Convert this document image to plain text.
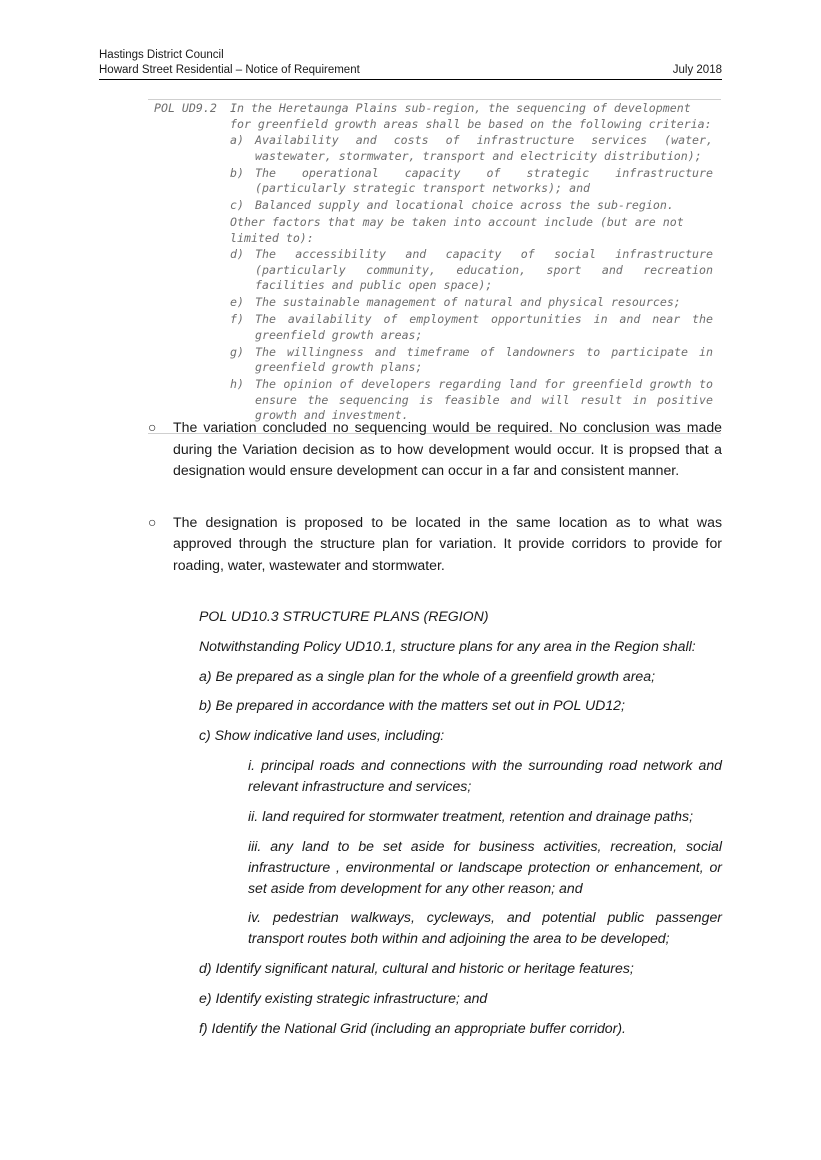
Hastings District Council
Howard Street Residential – Notice of Requirement	July 2018
POL UD9.2 In the Heretaunga Plains sub-region, the sequencing of development for greenfield growth areas shall be based on the following criteria:

a) Availability and costs of infrastructure services (water, wastewater, stormwater, transport and electricity distribution);
b) The operational capacity of strategic infrastructure (particularly strategic transport networks); and
c) Balanced supply and locational choice across the sub-region.

Other factors that may be taken into account include (but are not limited to):

d) The accessibility and capacity of social infrastructure (particularly community, education, sport and recreation facilities and public open space);
e) The sustainable management of natural and physical resources;
f) The availability of employment opportunities in and near the greenfield growth areas;
g) The willingness and timeframe of landowners to participate in greenfield growth plans;
h) The opinion of developers regarding land for greenfield growth to ensure the sequencing is feasible and will result in positive growth and investment.
○	The variation concluded no sequencing would be required. No conclusion was made during the Variation decision as to how development would occur. It is propsed that a designation would ensure development can occur in a far and consistent manner.
○	The designation is proposed to be located in the same location as to what was approved through the structure plan for variation. It provide corridors to provide for roading, water, wastewater and stormwater.

POL UD10.3 STRUCTURE PLANS (REGION)

Notwithstanding Policy UD10.1, structure plans for any area in the Region shall:

a) Be prepared as a single plan for the whole of a greenfield growth area;

b) Be prepared in accordance with the matters set out in POL UD12;

c) Show indicative land uses, including:

i. principal roads and connections with the surrounding road network and relevant infrastructure and services;

ii. land required for stormwater treatment, retention and drainage paths;

iii. any land to be set aside for business activities, recreation, social infrastructure , environmental or landscape protection or enhancement, or set aside from development for any other reason; and

iv. pedestrian walkways, cycleways, and potential public passenger transport routes both within and adjoining the area to be developed;

d) Identify significant natural, cultural and historic or heritage features;

e) Identify existing strategic infrastructure; and

f) Identify the National Grid (including an appropriate buffer corridor).
